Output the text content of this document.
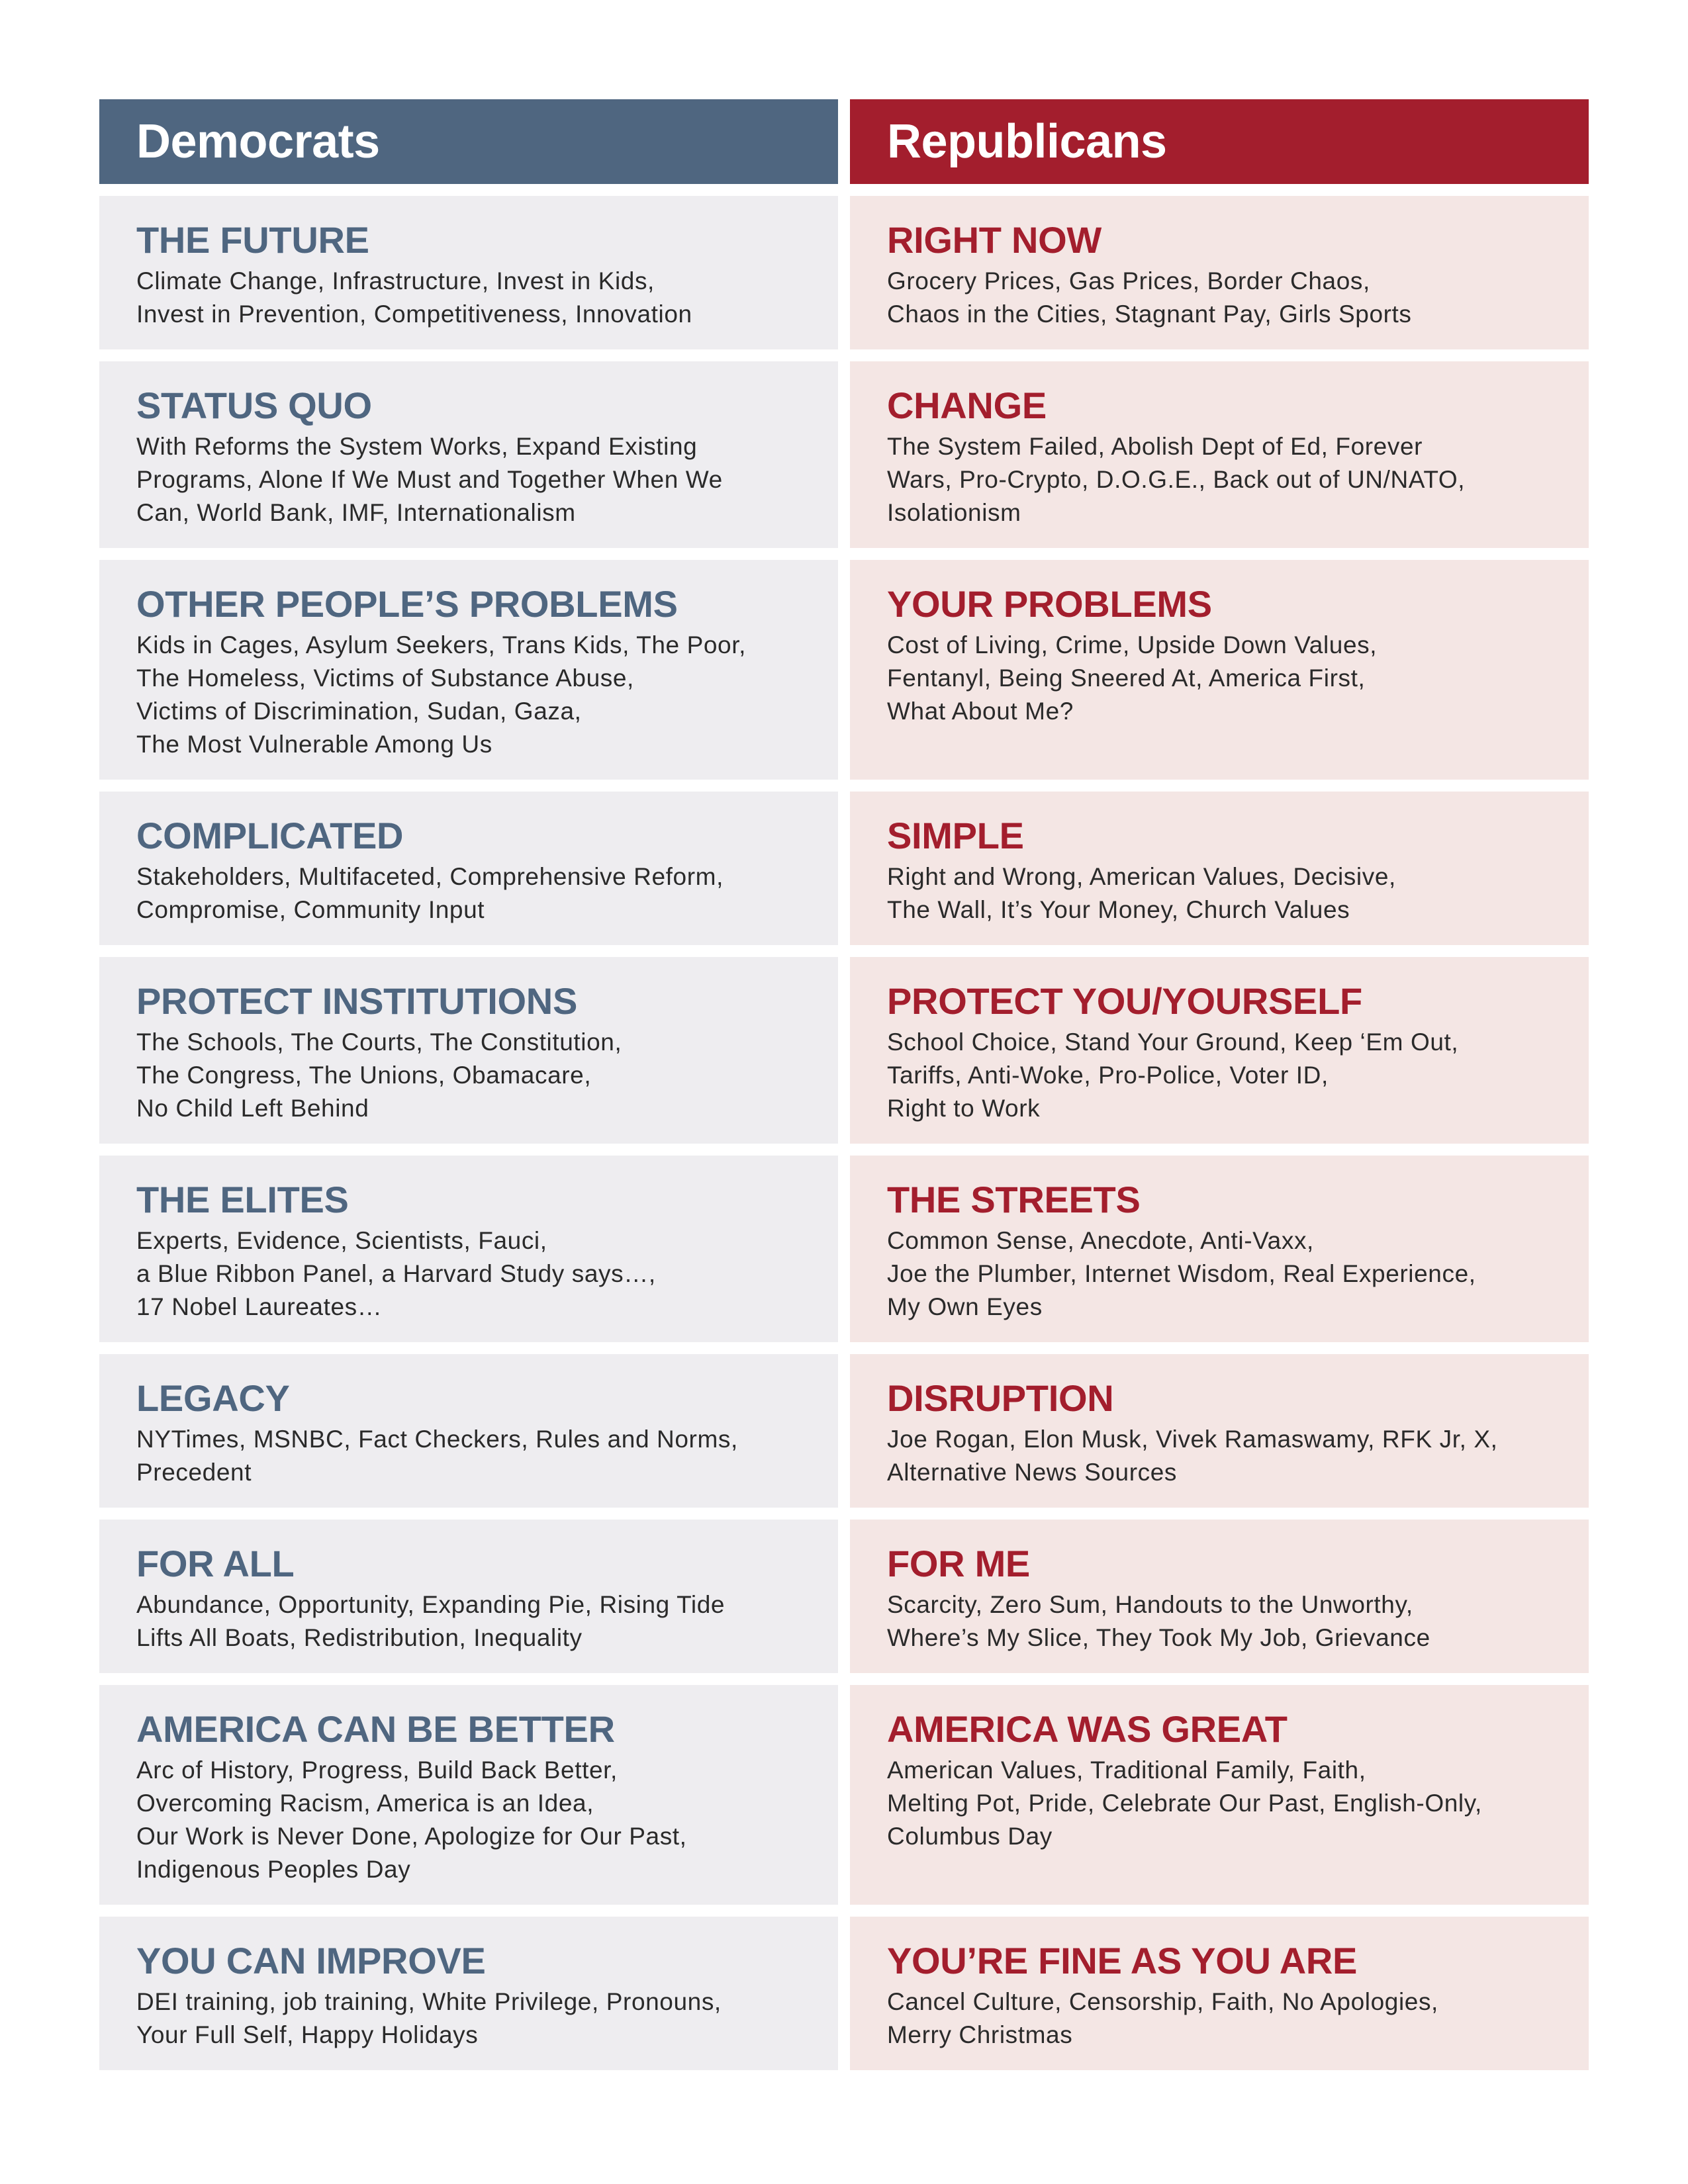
Democrats	Republicans
THE FUTURE
Climate Change, Infrastructure, Invest in Kids,
Invest in Prevention, Competitiveness, Innovation
RIGHT NOW
Grocery Prices, Gas Prices, Border Chaos,
Chaos in the Cities, Stagnant Pay, Girls Sports
STATUS QUO
With Reforms the System Works, Expand Existing
Programs, Alone If We Must and Together When We
Can, World Bank, IMF, Internationalism
CHANGE
The System Failed, Abolish Dept of Ed, Forever
Wars, Pro-Crypto, D.O.G.E., Back out of UN/NATO,
Isolationism
OTHER PEOPLE’S PROBLEMS
Kids in Cages, Asylum Seekers, Trans Kids, The Poor,
The Homeless, Victims of Substance Abuse,
Victims of Discrimination, Sudan, Gaza,
The Most Vulnerable Among Us
YOUR PROBLEMS
Cost of Living, Crime, Upside Down Values,
Fentanyl, Being Sneered At, America First,
What About Me?
COMPLICATED
Stakeholders, Multifaceted, Comprehensive Reform,
Compromise, Community Input
SIMPLE
Right and Wrong, American Values, Decisive,
The Wall, It’s Your Money, Church Values
PROTECT INSTITUTIONS
The Schools, The Courts, The Constitution,
The Congress, The Unions, Obamacare,
No Child Left Behind
PROTECT YOU/YOURSELF
School Choice, Stand Your Ground, Keep ‘Em Out,
Tariffs, Anti-Woke, Pro-Police, Voter ID,
Right to Work
THE ELITES
Experts, Evidence, Scientists, Fauci,
a Blue Ribbon Panel, a Harvard Study says…,
17 Nobel Laureates…
THE STREETS
Common Sense, Anecdote, Anti-Vaxx,
Joe the Plumber, Internet Wisdom, Real Experience,
My Own Eyes
LEGACY
NYTimes, MSNBC, Fact Checkers, Rules and Norms,
Precedent
DISRUPTION
Joe Rogan, Elon Musk, Vivek Ramaswamy, RFK Jr, X,
Alternative News Sources
FOR ALL
Abundance, Opportunity, Expanding Pie, Rising Tide
Lifts All Boats, Redistribution, Inequality
FOR ME
Scarcity, Zero Sum, Handouts to the Unworthy,
Where’s My Slice, They Took My Job, Grievance
AMERICA CAN BE BETTER
Arc of History, Progress, Build Back Better,
Overcoming Racism, America is an Idea,
Our Work is Never Done, Apologize for Our Past,
Indigenous Peoples Day
AMERICA WAS GREAT
American Values, Traditional Family, Faith,
Melting Pot, Pride, Celebrate Our Past, English-Only,
Columbus Day
YOU CAN IMPROVE
DEI training, job training, White Privilege, Pronouns,
Your Full Self, Happy Holidays
YOU’RE FINE AS YOU ARE
Cancel Culture, Censorship, Faith, No Apologies,
Merry Christmas
